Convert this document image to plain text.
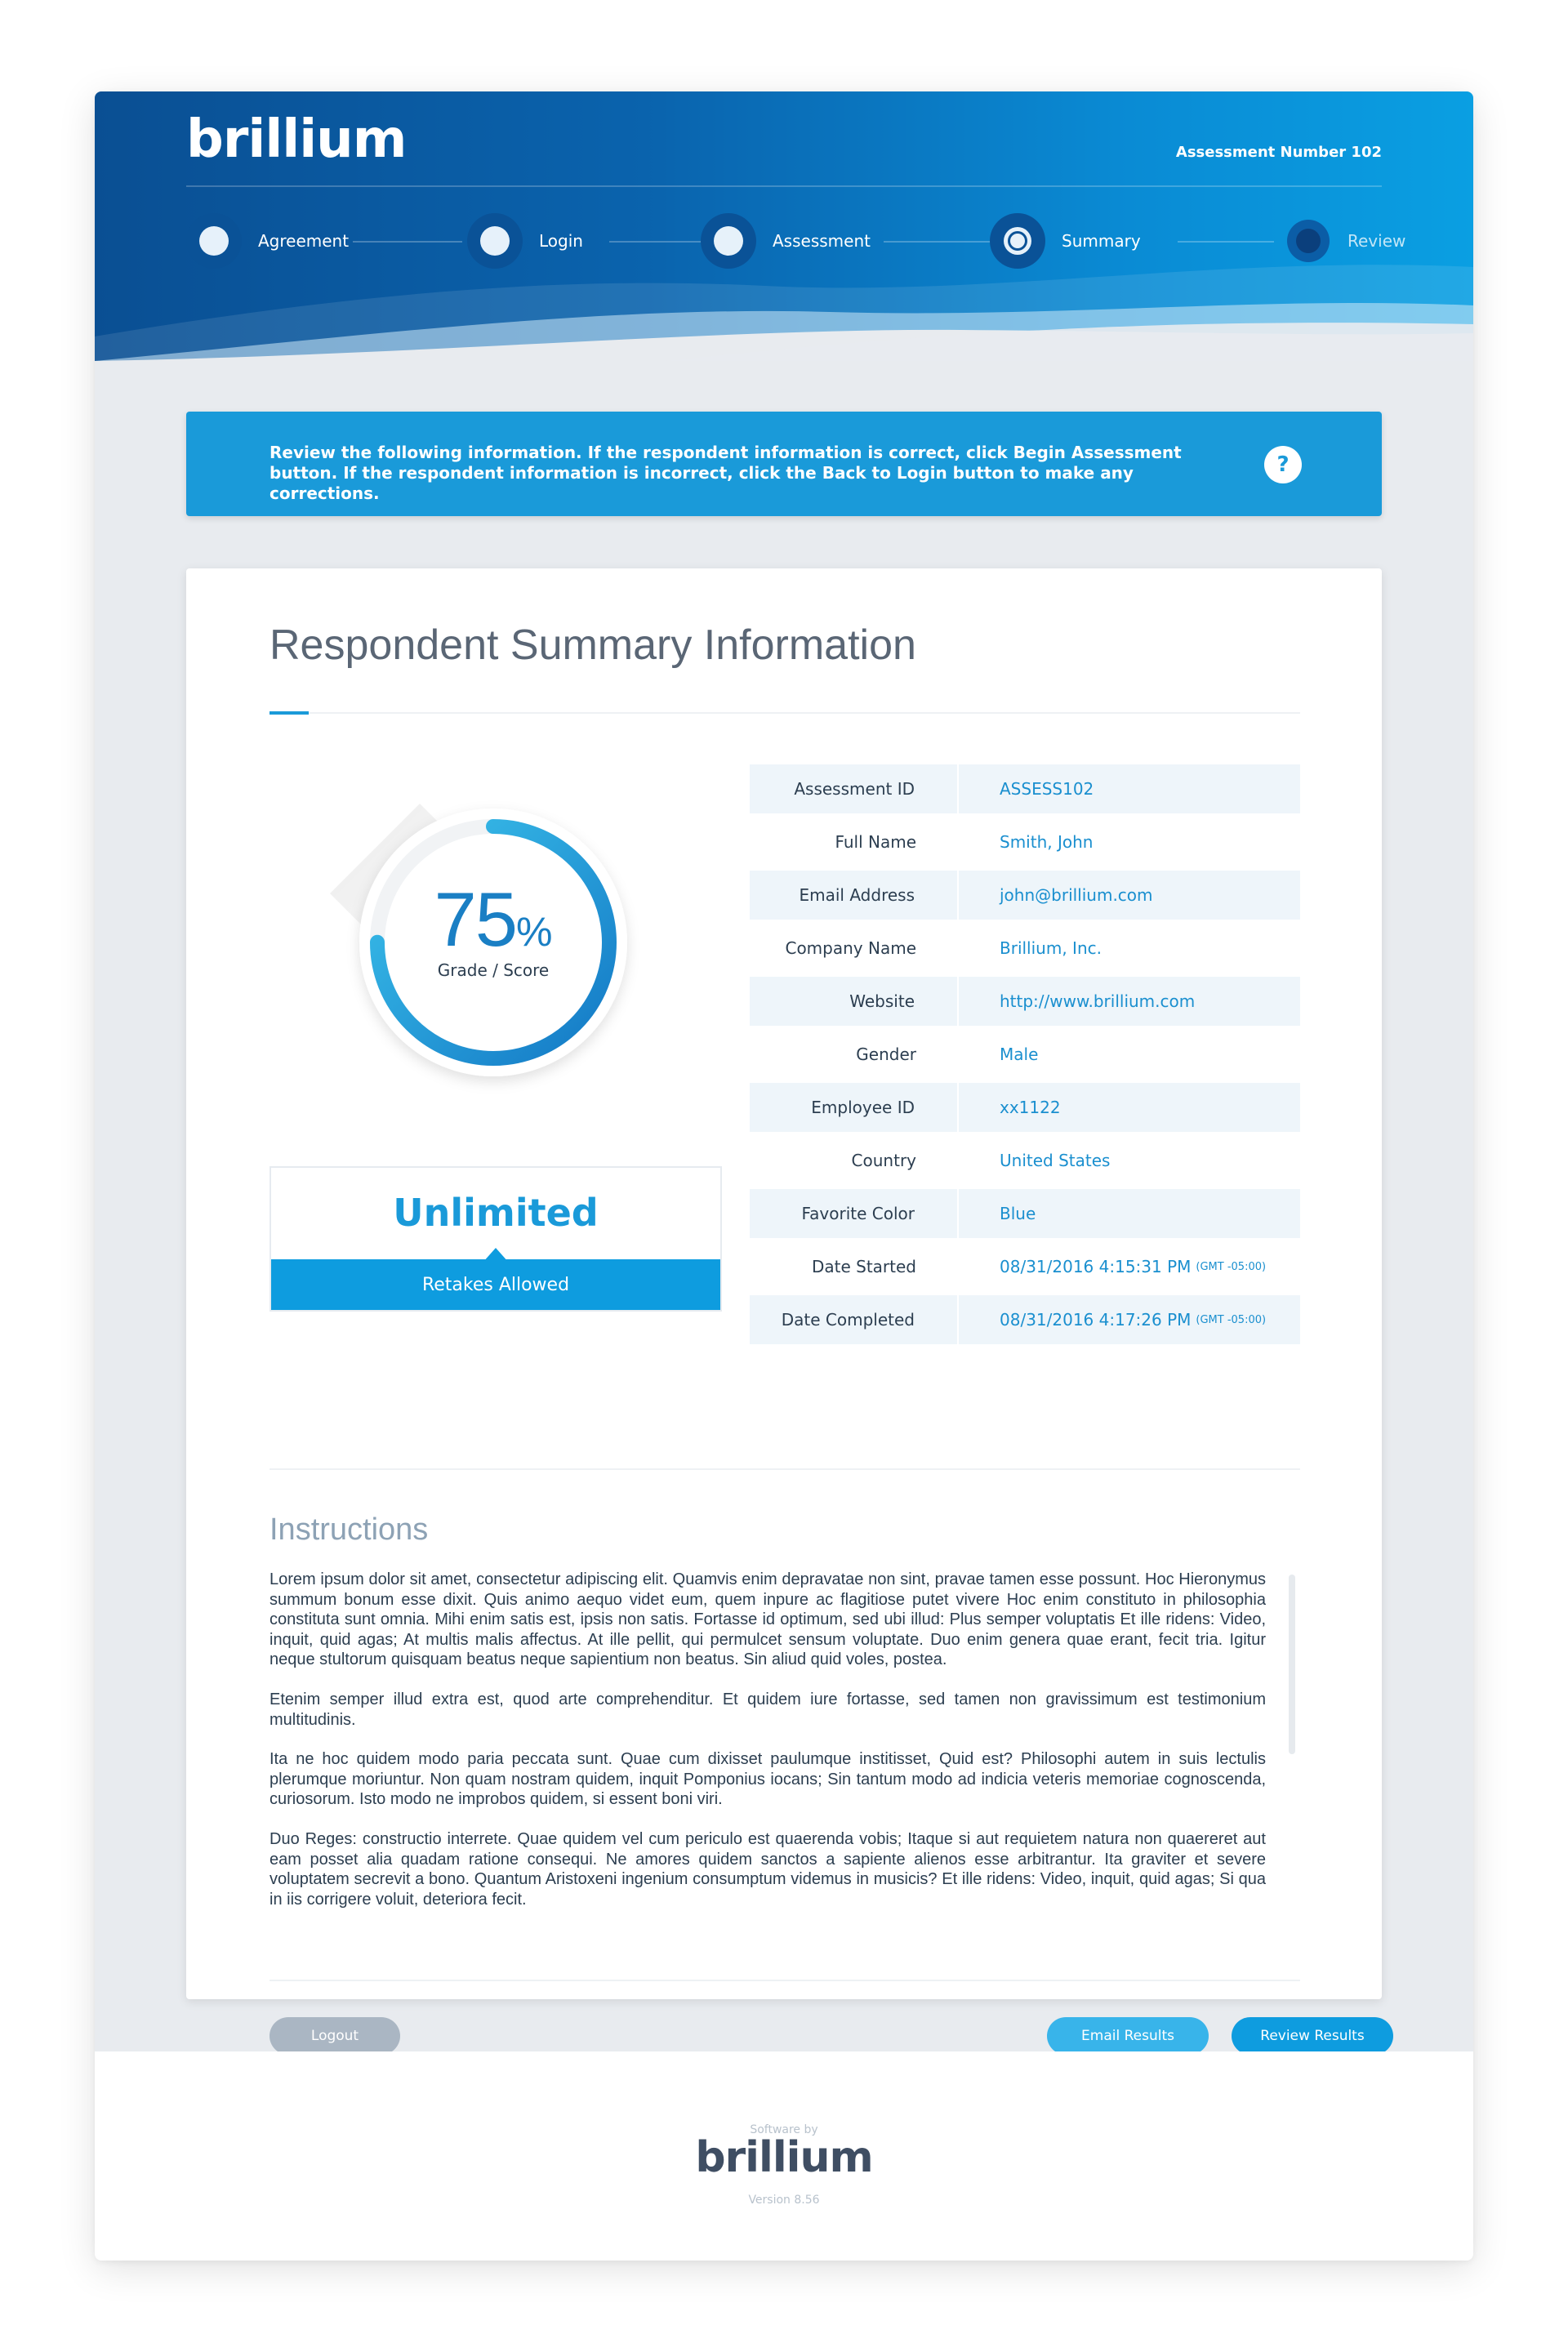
brillium	Assessment Number 102
Agreement	Login	Assessment	Summary	Review
Review the following information. If the respondent information is correct, click Begin Assessment button. If the respondent information is incorrect, click the Back to Login button to make any corrections.
?
Respondent Summary Information
75%
Grade / Score
Unlimited
Retakes Allowed
Assessment ID	ASSESS102
Full Name	Smith, John
Email Address	john@brillium.com
Company Name	Brillium, Inc.
Website	http://www.brillium.com
Gender	Male
Employee ID	xx1122
Country	United States
Favorite Color	Blue
Date Started	08/31/2016 4:15:31 PM (GMT -05:00)
Date Completed	08/31/2016 4:17:26 PM (GMT -05:00)
Instructions

Lorem ipsum dolor sit amet, consectetur adipiscing elit. Quamvis enim depravatae non sint, pravae tamen esse possunt. Hoc Hieronymus summum bonum esse dixit. Quis animo aequo videt eum, quem inpure ac flagitiose putet vivere Hoc enim constituto in philosophia constituta sunt omnia. Mihi enim satis est, ipsis non satis. Fortasse id optimum, sed ubi illud: Plus semper voluptatis Et ille ridens: Video, inquit, quid agas; At multis malis affectus. At ille pellit, qui permulcet sensum voluptate. Duo enim genera quae erant, fecit tria. Igitur neque stultorum quisquam beatus neque sapientium non beatus. Sin aliud quid voles, postea.

Etenim semper illud extra est, quod arte comprehenditur. Et quidem iure fortasse, sed tamen non gravissimum est testimonium multitudinis.

Ita ne hoc quidem modo paria peccata sunt. Quae cum dixisset paulumque institisset, Quid est? Philosophi autem in suis lectulis plerumque moriuntur. Non quam nostram quidem, inquit Pomponius iocans; Sin tantum modo ad indicia veteris memoriae cognoscenda, curiosorum. Isto modo ne improbos quidem, si essent boni viri.

Duo Reges: constructio interrete. Quae quidem vel cum periculo est quaerenda vobis; Itaque si aut requietem natura non quaereret aut eam posset alia quadam ratione consequi. Ne amores quidem sanctos a sapiente alienos esse arbitrantur. Ita graviter et severe voluptatem secrevit a bono. Quantum Aristoxeni ingenium consumptum videmus in musicis? Et ille ridens: Video, inquit, quid agas; Si qua in iis corrigere voluit, deteriora fecit.

Logout	Email Results	Review Results
Software by
brillium
Version 8.56
